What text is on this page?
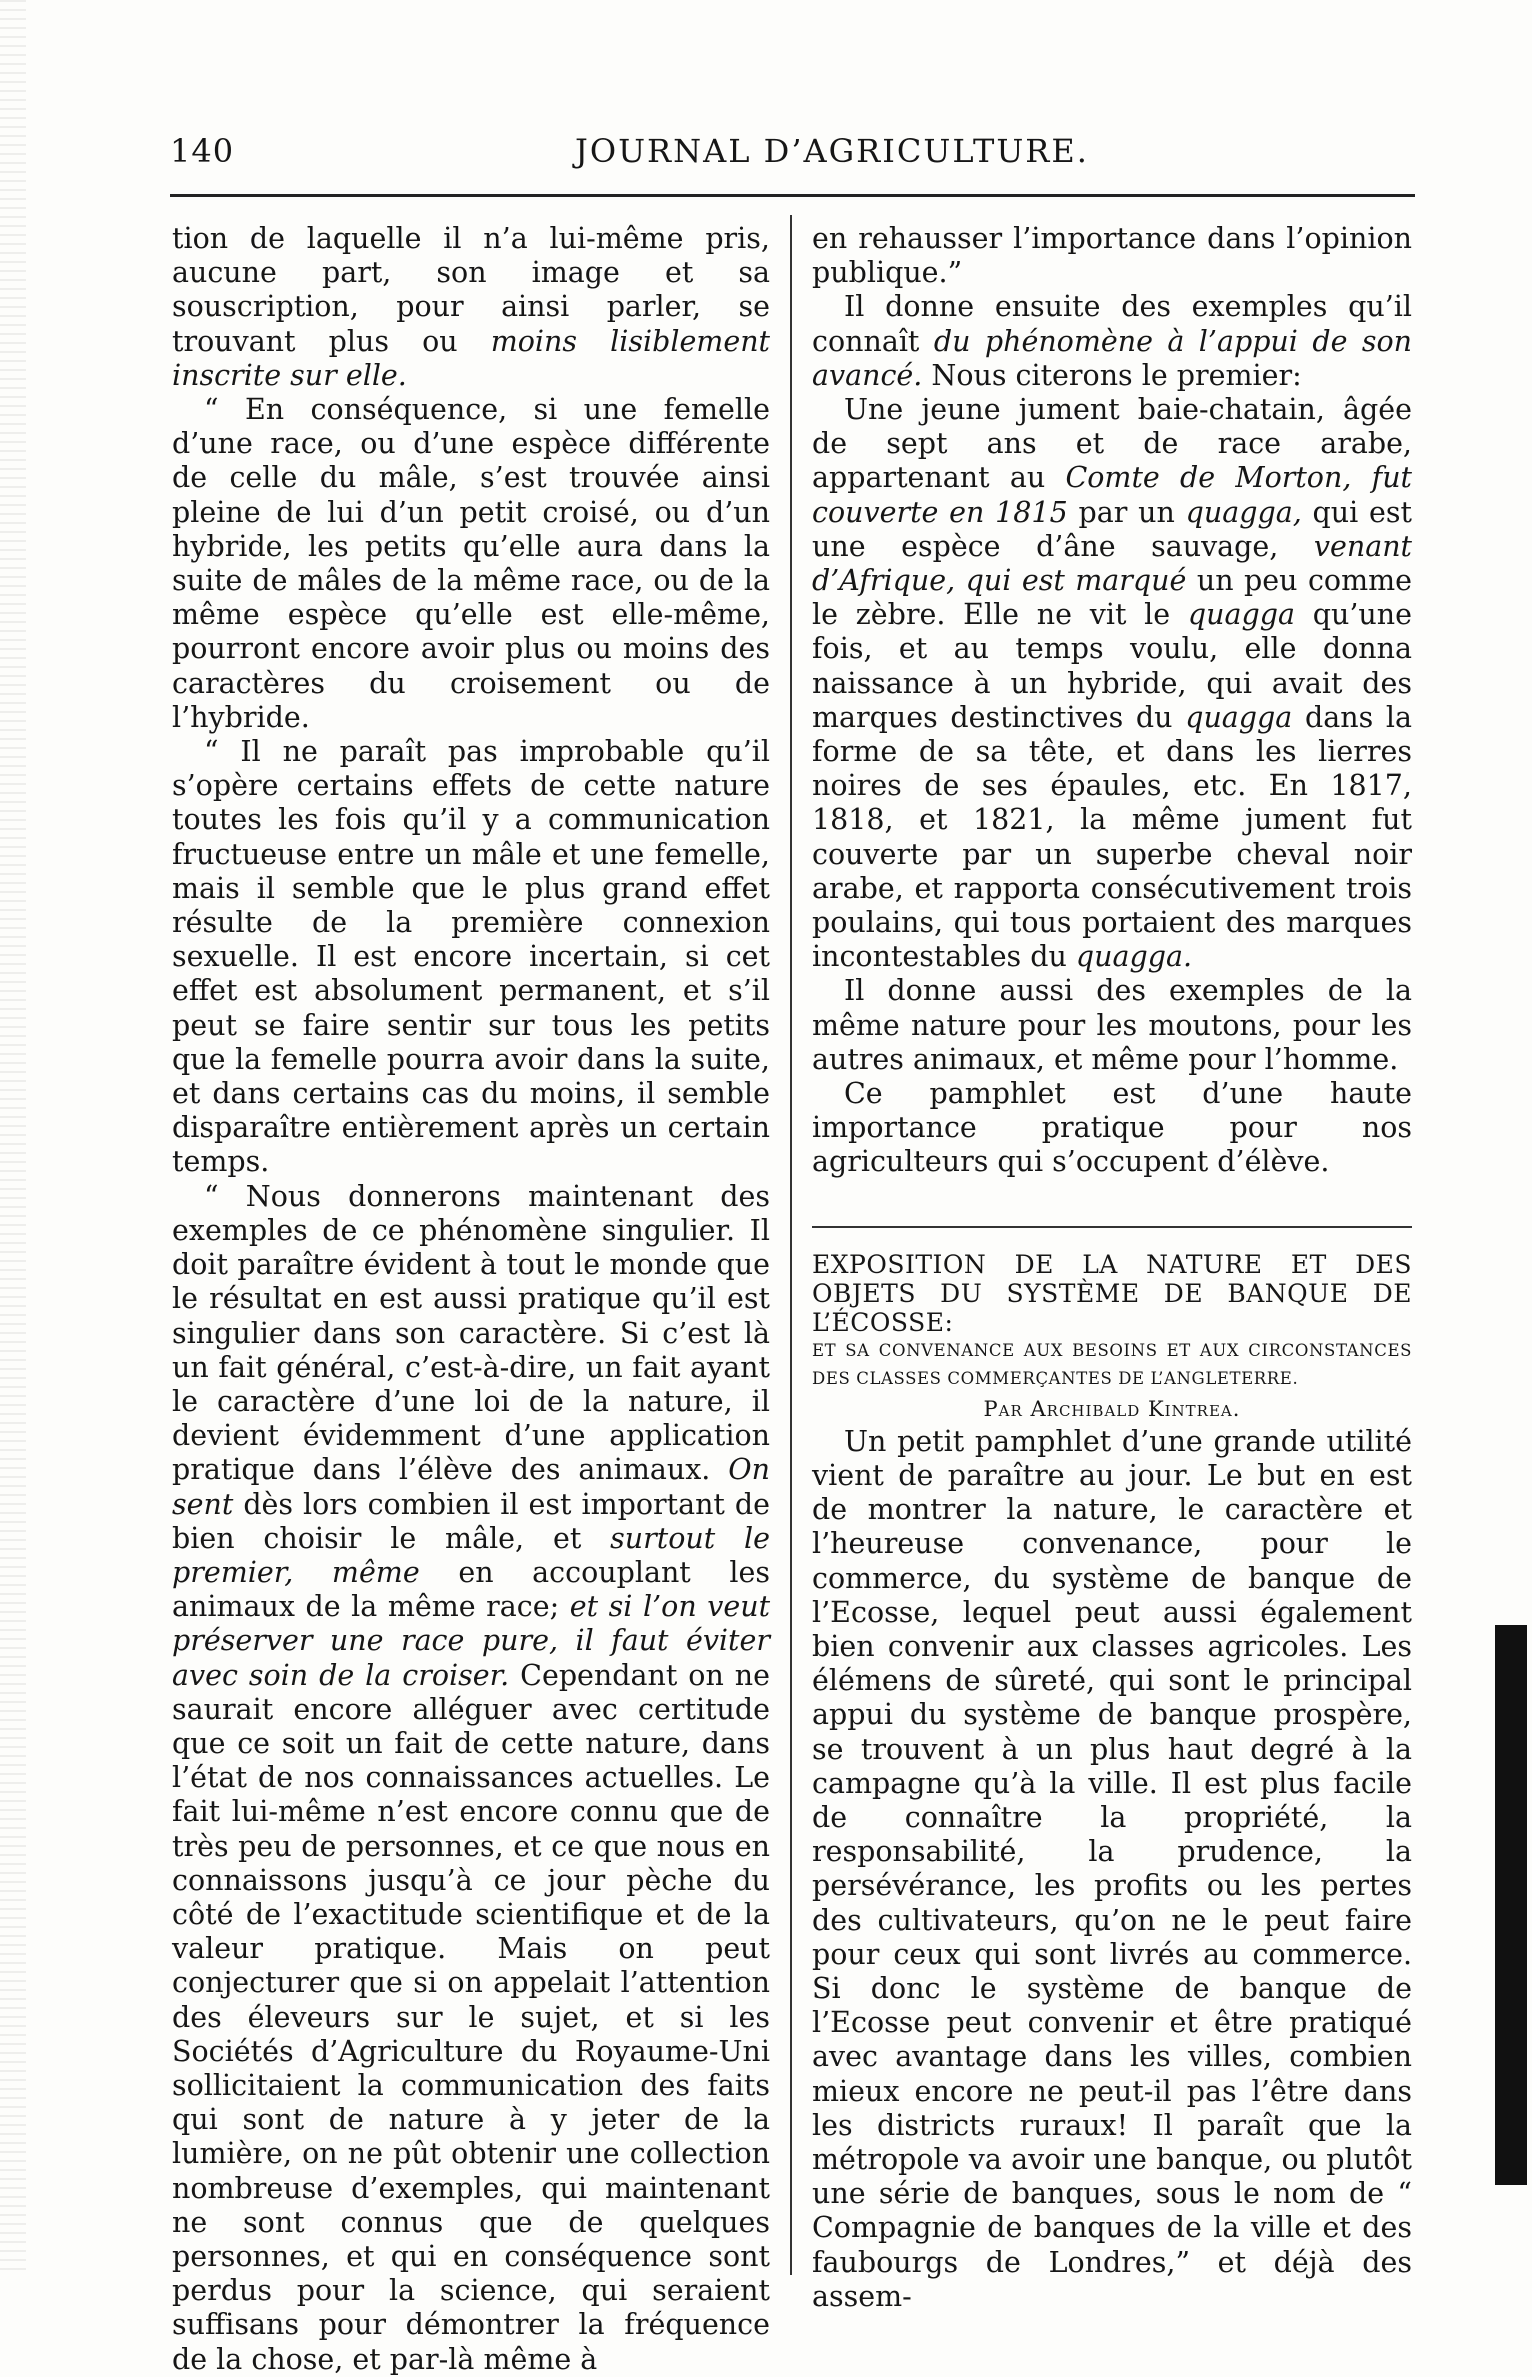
140	JOURNAL D’AGRICULTURE.

tion de laquelle il n’a lui-même pris, aucune part, son image et sa souscription, pour ainsi parler, se trouvant plus ou moins lisiblement inscrite sur elle.

“ En conséquence, si une femelle d’une race, ou d’une espèce différente de celle du mâle, s’est trouvée ainsi pleine de lui d’un petit croisé, ou d’un hybride, les petits qu’elle aura dans la suite de mâles de la même race, ou de la même espèce qu’elle est elle-même, pourront encore avoir plus ou moins des caractères du croisement ou de l’hybride.

“ Il ne paraît pas improbable qu’il s’opère certains effets de cette nature toutes les fois qu’il y a communication fructueuse entre un mâle et une femelle, mais il semble que le plus grand effet résulte de la première connexion sexuelle. Il est encore incertain, si cet effet est absolument permanent, et s’il peut se faire sentir sur tous les petits que la femelle pourra avoir dans la suite, et dans certains cas du moins, il semble disparaître entièrement après un certain temps.

“ Nous donnerons maintenant des exemples de ce phénomène singulier. Il doit paraître évident à tout le monde que le résultat en est aussi pratique qu’il est singulier dans son caractère. Si c’est là un fait général, c’est-à-dire, un fait ayant le caractère d’une loi de la nature, il devient évidemment d’une application pratique dans l’élève des animaux. On sent dès lors combien il est important de bien choisir le mâle, et surtout le premier, même en accouplant les animaux de la même race; et si l’on veut préserver une race pure, il faut éviter avec soin de la croiser. Cependant on ne saurait encore alléguer avec certitude que ce soit un fait de cette nature, dans l’état de nos connaissances actuelles. Le fait lui-même n’est encore connu que de très peu de personnes, et ce que nous en connaissons jusqu’à ce jour pèche du côté de l’exactitude scientifique et de la valeur pratique. Mais on peut conjecturer que si on appelait l’attention des éleveurs sur le sujet, et si les Sociétés d’Agriculture du Royaume-Uni sollicitaient la communication des faits qui sont de nature à y jeter de la lumière, on ne pût obtenir une collection nombreuse d’exemples, qui maintenant ne sont connus que de quelques personnes, et qui en conséquence sont perdus pour la science, qui seraient suffisans pour démontrer la fréquence de la chose, et par-là même à

en rehausser l’importance dans l’opinion publique.”

Il donne ensuite des exemples qu’il connaît du phénomène à l’appui de son avancé. Nous citerons le premier:

Une jeune jument baie-chatain, âgée de sept ans et de race arabe, appartenant au Comte de Morton, fut couverte en 1815 par un quagga, qui est une espèce d’âne sauvage, venant d’Afrique, qui est marqué un peu comme le zèbre. Elle ne vit le quagga qu’une fois, et au temps voulu, elle donna naissance à un hybride, qui avait des marques destinctives du quagga dans la forme de sa tête, et dans les lierres noires de ses épaules, etc. En 1817, 1818, et 1821, la même jument fut couverte par un superbe cheval noir arabe, et rapporta consécutivement trois poulains, qui tous portaient des marques incontestables du quagga.

Il donne aussi des exemples de la même nature pour les moutons, pour les autres animaux, et même pour l’homme.

Ce pamphlet est d’une haute importance pratique pour nos agriculteurs qui s’occupent d’élève.

EXPOSITION DE LA NATURE ET DES OBJETS DU SYSTÈME DE BANQUE DE L’ÉCOSSE:

ET SA CONVENANCE AUX BESOINS ET AUX CIRCONSTANCES DES CLASSES COMMERÇANTES DE L’ANGLETERRE.

Par Archibald Kintrea.

Un petit pamphlet d’une grande utilité vient de paraître au jour. Le but en est de montrer la nature, le caractère et l’heureuse convenance, pour le commerce, du système de banque de l’Ecosse, lequel peut aussi également bien convenir aux classes agricoles. Les élémens de sûreté, qui sont le principal appui du système de banque prospère, se trouvent à un plus haut degré à la campagne qu’à la ville. Il est plus facile de connaître la propriété, la responsabilité, la prudence, la persévérance, les profits ou les pertes des cultivateurs, qu’on ne le peut faire pour ceux qui sont livrés au commerce. Si donc le système de banque de l’Ecosse peut convenir et être pratiqué avec avantage dans les villes, combien mieux encore ne peut-il pas l’être dans les districts ruraux! Il paraît que la métropole va avoir une banque, ou plutôt une série de banques, sous le nom de “ Compagnie de banques de la ville et des faubourgs de Londres,” et déjà des assem-
